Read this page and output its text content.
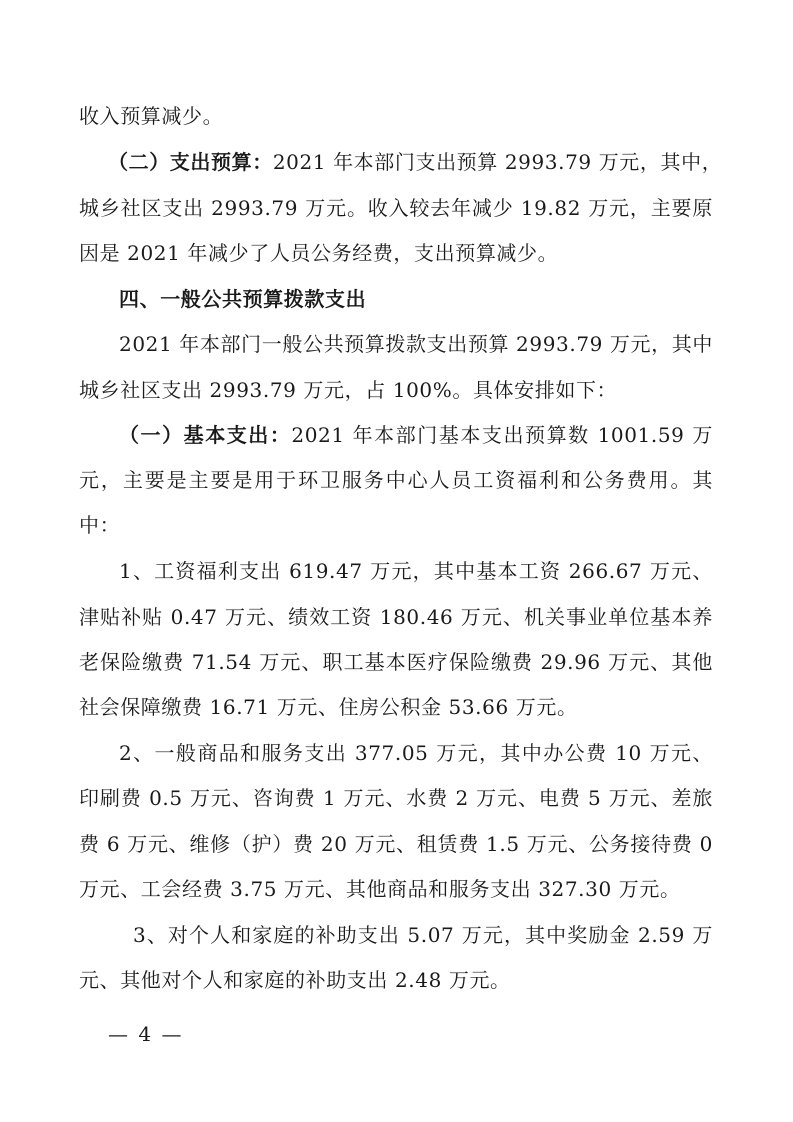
收入预算减少。
（二）支出预算：2021 年本部门支出预算 2993.79 万元，其中，
城乡社区支出 2993.79 万元。收入较去年减少 19.82 万元，主要原
因是 2021 年减少了人员公务经费，支出预算减少。
四、一般公共预算拨款支出
2021 年本部门一般公共预算拨款支出预算 2993.79 万元，其中
城乡社区支出 2993.79 万元，占 100%。具体安排如下：
（一）基本支出：2021 年本部门基本支出预算数 1001.59 万
元，主要是主要是用于环卫服务中心人员工资福利和公务费用。其
中：
1、工资福利支出 619.47 万元，其中基本工资 266.67 万元、
津贴补贴 0.47 万元、绩效工资 180.46 万元、机关事业单位基本养
老保险缴费 71.54 万元、职工基本医疗保险缴费 29.96 万元、其他
社会保障缴费 16.71 万元、住房公积金 53.66 万元。
2、一般商品和服务支出 377.05 万元，其中办公费 10 万元、
印刷费 0.5 万元、咨询费 1 万元、水费 2 万元、电费 5 万元、差旅
费 6 万元、维修（护）费 20 万元、租赁费 1.5 万元、公务接待费 0
万元、工会经费 3.75 万元、其他商品和服务支出 327.30 万元。
3、对个人和家庭的补助支出 5.07 万元，其中奖励金 2.59 万
元、其他对个人和家庭的补助支出 2.48 万元。
— 4 —
